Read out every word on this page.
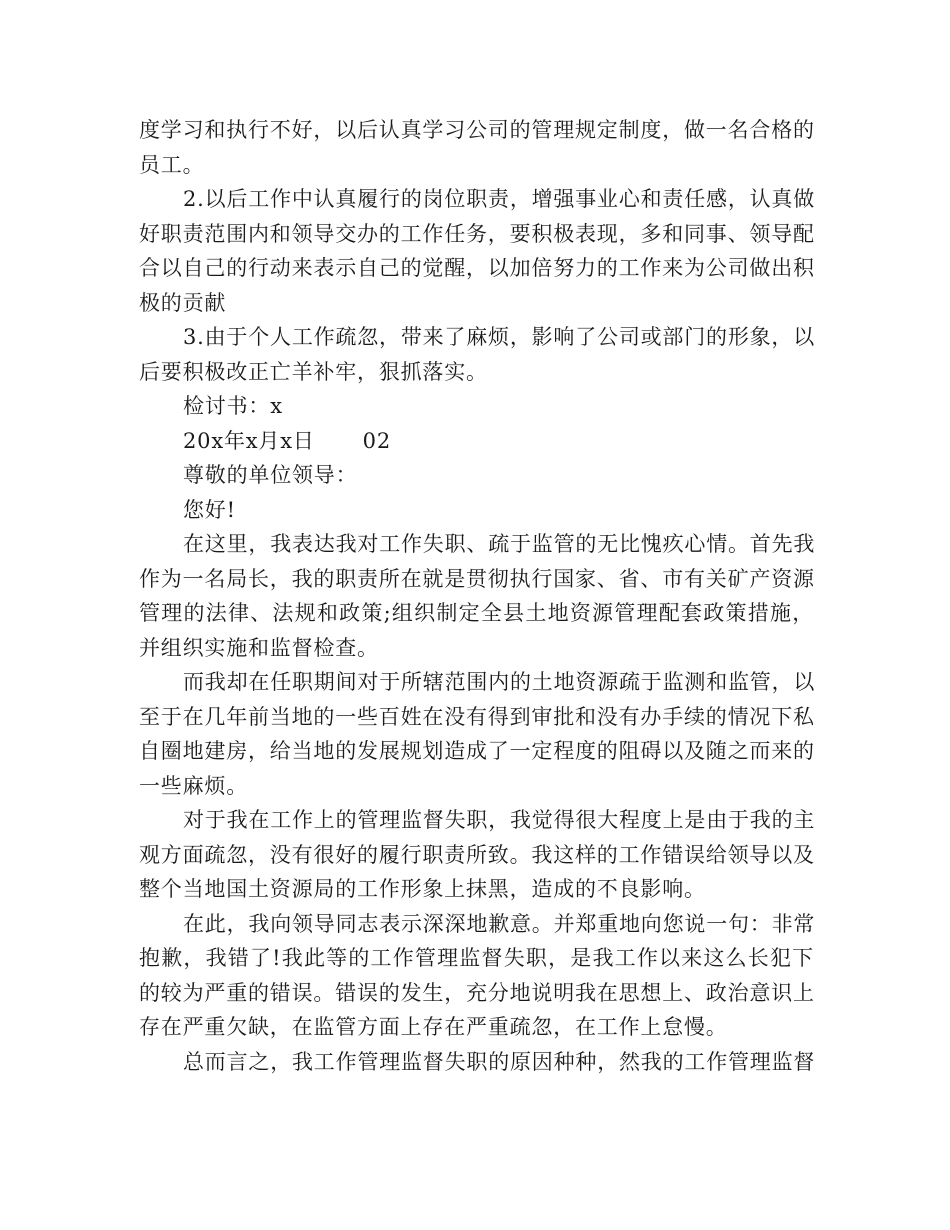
度学习和执行不好，以后认真学习公司的管理规定制度，做一名合格的
员工。
2.以后工作中认真履行的岗位职责，增强事业心和责任感，认真做
好职责范围内和领导交办的工作任务，要积极表现，多和同事、领导配
合以自己的行动来表示自己的觉醒，以加倍努力的工作来为公司做出积
极的贡献
3.由于个人工作疏忽，带来了麻烦，影响了公司或部门的形象，以
后要积极改正亡羊补牢，狠抓落实。
检讨书：x
20x年x月x日 02
尊敬的单位领导：
您好!
在这里，我表达我对工作失职、疏于监管的无比愧疚心情。首先我
作为一名局长，我的职责所在就是贯彻执行国家、省、市有关矿产资源
管理的法律、法规和政策;组织制定全县土地资源管理配套政策措施，
并组织实施和监督检查。
而我却在任职期间对于所辖范围内的土地资源疏于监测和监管，以
至于在几年前当地的一些百姓在没有得到审批和没有办手续的情况下私
自圈地建房，给当地的发展规划造成了一定程度的阻碍以及随之而来的
一些麻烦。
对于我在工作上的管理监督失职，我觉得很大程度上是由于我的主
观方面疏忽，没有很好的履行职责所致。我这样的工作错误给领导以及
整个当地国土资源局的工作形象上抹黑，造成的不良影响。
在此，我向领导同志表示深深地歉意。并郑重地向您说一句：非常
抱歉，我错了!我此等的工作管理监督失职，是我工作以来这么长犯下
的较为严重的错误。错误的发生，充分地说明我在思想上、政治意识上
存在严重欠缺，在监管方面上存在严重疏忽，在工作上怠慢。
总而言之，我工作管理监督失职的原因种种，然我的工作管理监督
